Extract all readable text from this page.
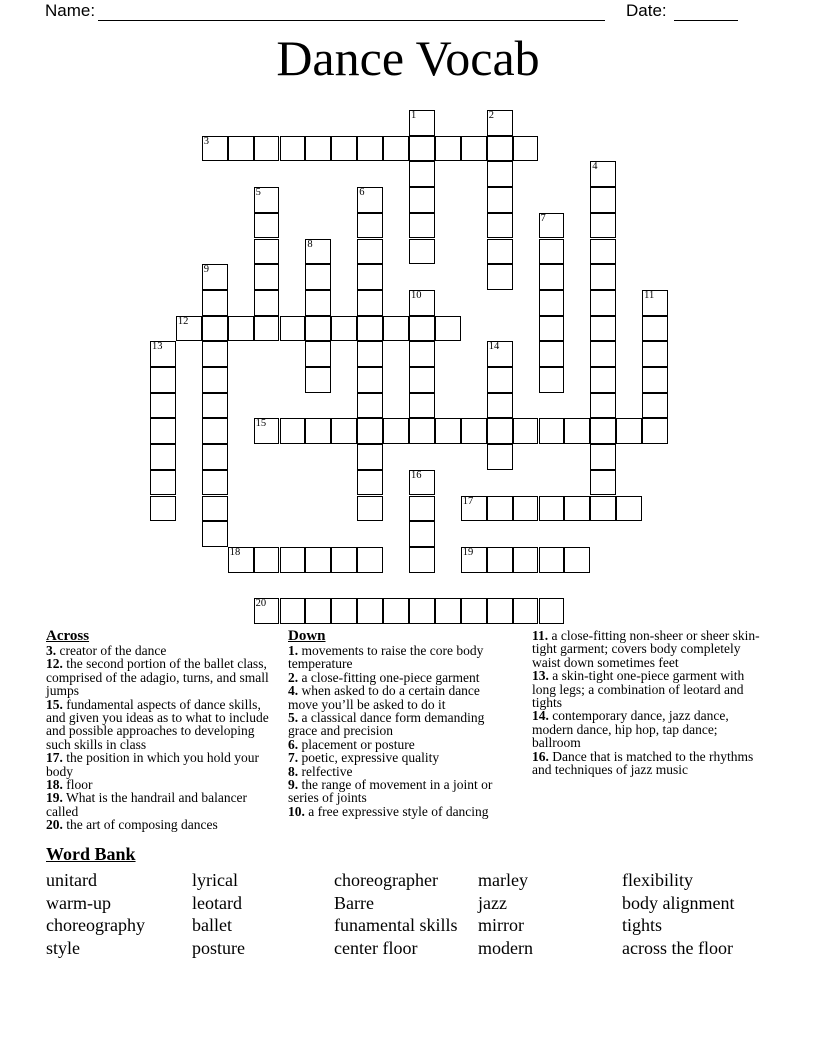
Name:	Date:
Dance Vocab
1	2
3
4
5	6
7
8
9
10	11
12
13	14
15
16
17
18	19
20
Across
3. creator of the dance
12. the second portion of the ballet class, comprised of the adagio, turns, and small jumps
15. fundamental aspects of dance skills, and given you ideas as to what to include and possible approaches to developing such skills in class
17. the position in which you hold your body
18. floor
19. What is the handrail and balancer called
20. the art of composing dances
Down
1. movements to raise the core body temperature
2. a close-fitting one-piece garment
4. when asked to do a certain dance move you’ll be asked to do it
5. a classical dance form demanding grace and precision
6. placement or posture
7. poetic, expressive quality
8. relfective
9. the range of movement in a joint or series of joints
10. a free expressive style of dancing
11. a close-fitting non-sheer or sheer skin-tight garment; covers body completely waist down sometimes feet
13. a skin-tight one-piece garment with long legs; a combination of leotard and tights
14. contemporary dance, jazz dance, modern dance, hip hop, tap dance; ballroom
16. Dance that is matched to the rhythms and techniques of jazz music
Word Bank
unitard
warm-up
choreography
style
lyrical
leotard
ballet
posture
choreographer
Barre
funamental skills
center floor
marley
jazz
mirror
modern
flexibility
body alignment
tights
across the floor
